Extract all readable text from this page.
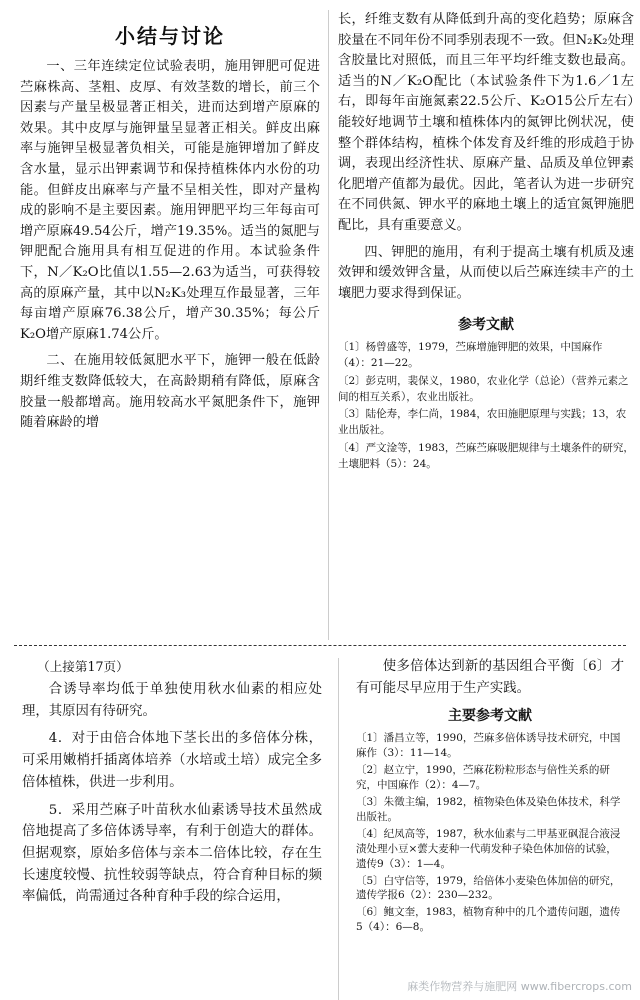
小结与讨论

一、三年连续定位试验表明，施用钾肥可促进苎麻株高、茎粗、皮厚、有效茎数的增长，前三个因素与产量呈极显著正相关，进而达到增产原麻的效果。其中皮厚与施钾量呈显著正相关。鲜皮出麻率与施钾呈极显著负相关，可能是施钾增加了鲜皮含水量，显示出钾素调节和保持植株体内水份的功能。但鲜皮出麻率与产量不呈相关性，即对产量构成的影响不是主要因素。施用钾肥平均三年每亩可增产原麻49.54公斤，增产19.35%。适当的氮肥与钾肥配合施用具有相互促进的作用。本试验条件下，N／K₂O比值以1.55—2.63为适当，可获得较高的原麻产量，其中以N₂K₃处理互作最显著，三年每亩增产原麻76.38公斤，增产30.35%；每公斤K₂O增产原麻1.74公斤。

二、在施用较低氮肥水平下，施钾一般在低龄期纤维支数降低较大，在高龄期稍有降低，原麻含胶量一般都增高。施用较高水平氮肥条件下，施钾随着麻龄的增

长，纤维支数有从降低到升高的变化趋势；原麻含胶量在不同年份不同季别表现不一致。但N₂K₂处理含胶量比对照低，而且三年平均纤维支数也最高。适当的N／K₂O配比（本试验条件下为1.6／1左右，即每年亩施氮素22.5公斤、K₂O15公斤左右）能较好地调节土壤和植株体内的氮钾比例状况，使整个群体结构，植株个体发育及纤维的形成趋于协调，表现出经济性状、原麻产量、品质及单位钾素化肥增产值都为最优。因此，笔者认为进一步研究在不同供氮、钾水平的麻地土壤上的适宜氮钾施肥配比，具有重要意义。

四、钾肥的施用，有利于提高土壤有机质及速效钾和缓效钾含量，从而使以后苎麻连续丰产的土壤肥力要求得到保证。

参考文献
〔1〕杨曾盛等，1979，苎麻增施钾肥的效果，中国麻作（4）：21—22。
〔2〕彭克明，裴保义，1980，农业化学（总论）（营养元素之间的相互关系），农业出版社。
〔3〕陆伦寿，李仁尚，1984，农田施肥原理与实践；13，农业出版社。
〔4〕严文淦等，1983，苎麻苎麻吸肥规律与土壤条件的研究，土壤肥料（5）：24。
（上接第17页）

合诱导率均低于单独使用秋水仙素的相应处理，其原因有待研究。

4．对于由倍合体地下茎长出的多倍体分株，可采用嫩梢扦插离体培养（水培或土培）成完全多倍体植株，供进一步利用。

5．采用苎麻子叶苗秋水仙素诱导技术虽然成倍地提高了多倍体诱导率，有利于创造大的群体。但据观察，原始多倍体与亲本二倍体比较，存在生长速度较慢、抗性较弱等缺点，符合育种目标的频率偏低，尚需通过各种育种手段的综合运用，

使多倍体达到新的基因组合平衡〔6〕才有可能尽早应用于生产实践。

主要参考文献
〔1〕潘昌立等，1990，苎麻多倍体诱导技术研究，中国麻作（3）：11—14。
〔2〕赵立宁，1990，苎麻花粉粒形态与倍性关系的研究，中国麻作（2）：4—7。
〔3〕朱徵主编，1982，植物染色体及染色体技术，科学出版社。
〔4〕纪凤高等，1987，秋水仙素与二甲基亚砜混合液浸渍处理小豆×蕓大麦种一代萌发种子染色体加倍的试验，遗传9（3）：1—4。
〔5〕白守信等，1979，给倍体小麦染色体加倍的研究，遗传学报6（2）：230—232。
〔6〕鲍文奎，1983，植物育种中的几个遗传问题，遗传5（4）：6—8。
麻类作物营养与施肥网 www.fibercrops.com
